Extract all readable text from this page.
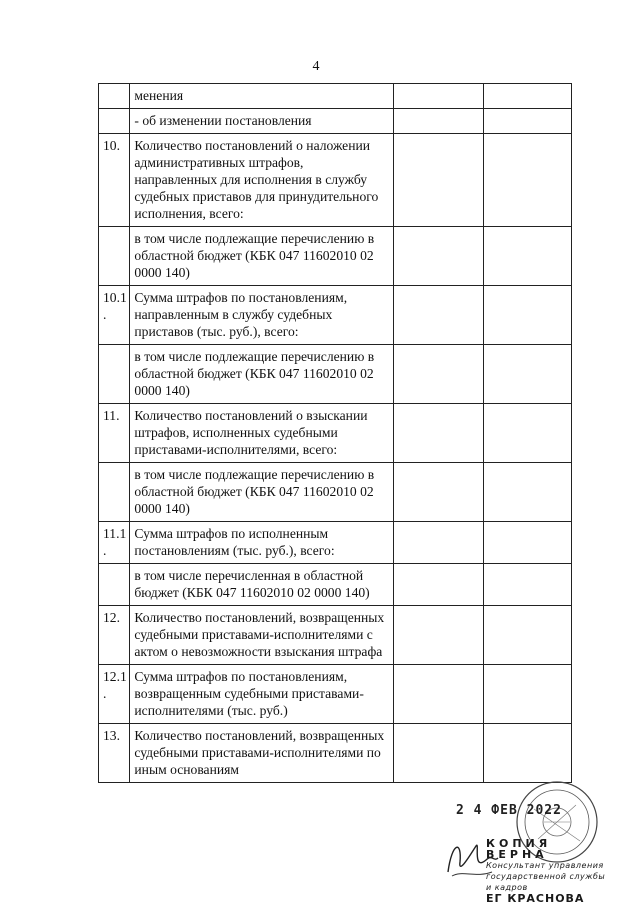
4
	менения		
	- об изменении постановления		
10.	Количество постановлений о наложении административных штрафов, направленных для исполнения в службу судебных приставов для принудительного исполнения, всего:		
	в том числе подлежащие перечислению в областной бюджет (КБК 047 11602010 02 0000 140)		
10.1 .	Сумма штрафов по постановлениям, направленным в службу судебных приставов (тыс. руб.), всего:		
	в том числе подлежащие перечислению в областной бюджет (КБК 047 11602010 02 0000 140)		
11.	Количество постановлений о взыскании штрафов, исполненных судебными приставами-исполнителями, всего:		
	в том числе подлежащие перечислению в областной бюджет (КБК 047 11602010 02 0000 140)		
11.1 .	Сумма штрафов по исполненным постановлениям (тыс. руб.), всего:		
	в том числе перечисленная в областной бюджет (КБК 047 11602010 02 0000 140)		
12.	Количество постановлений, возвращенных судебными приставами-исполнителями с актом о невозможности взыскания штрафа		
12.1 .	Сумма штрафов по постановлениям, возвращенным судебными приставами-исполнителями (тыс. руб.)		
13.	Количество постановлений, возвращенных судебными приставами-исполнителями по иным основаниям		
2 4 ФЕВ 2022
КОПИЯ ВЕРНА
Консультант управления
государственной службы
и кадров
ЕГ КРАСНОВА
